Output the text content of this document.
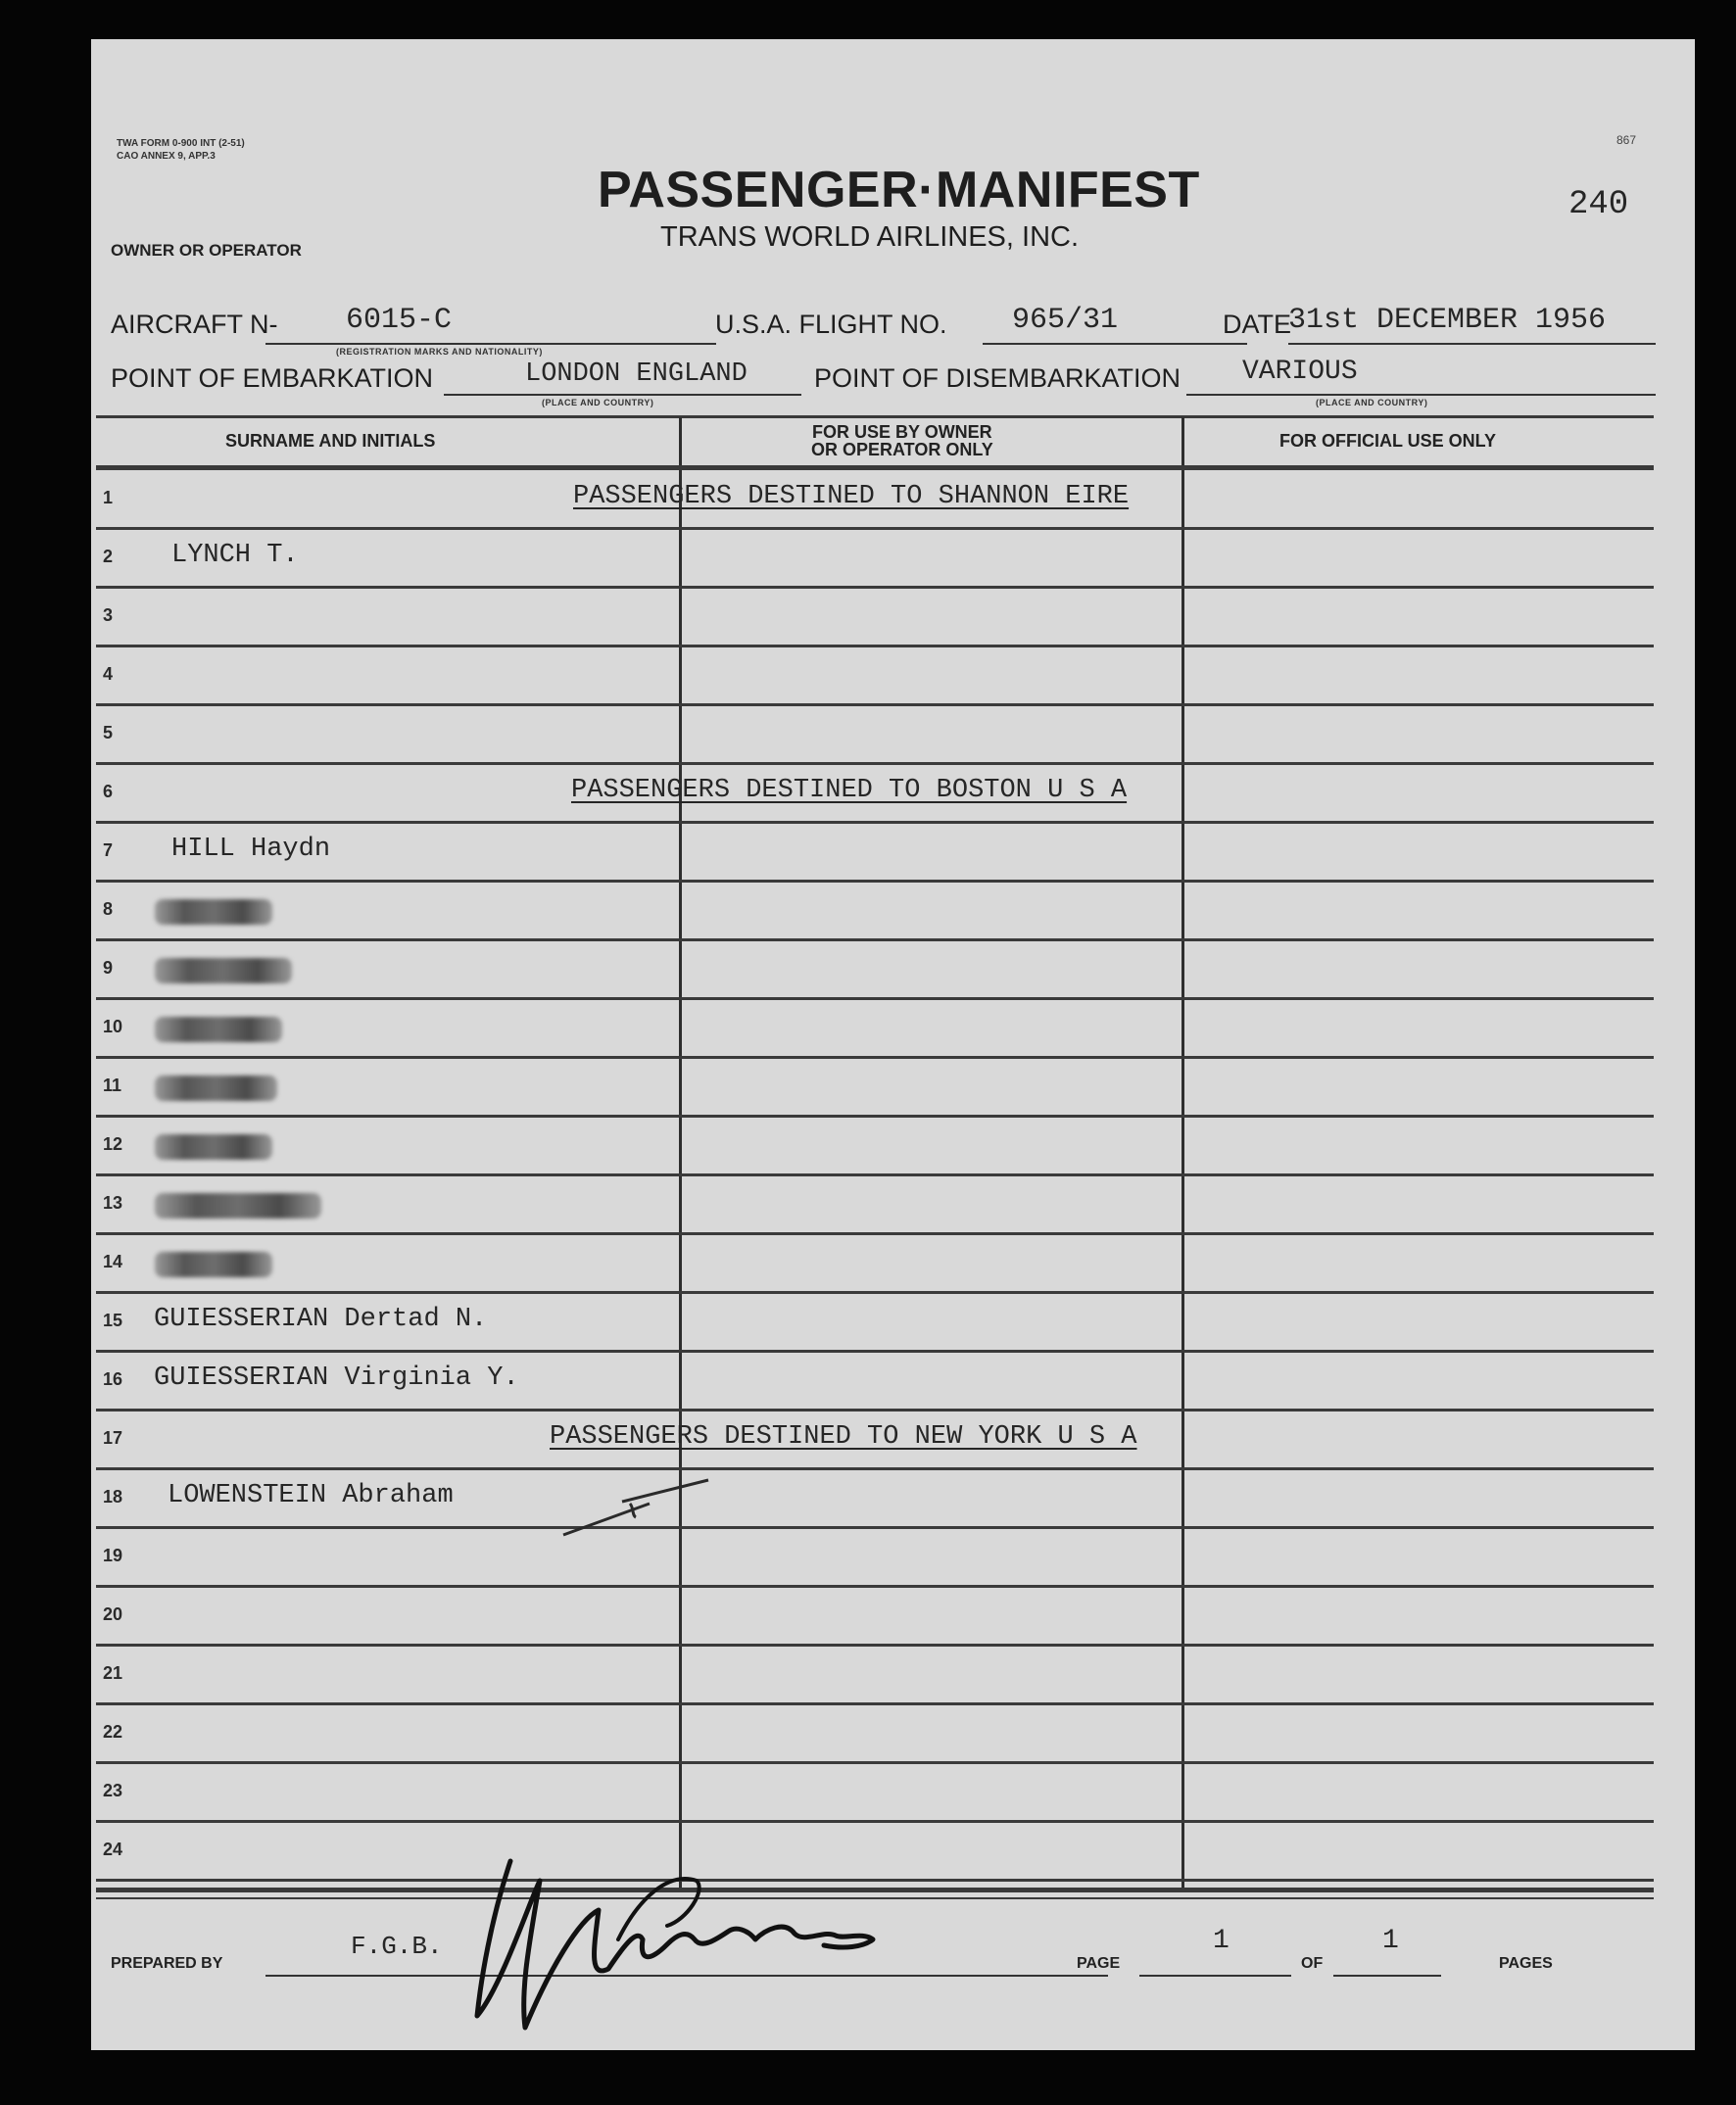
TWA FORM 0-900 INT (2-51)
CAO ANNEX 9, APP.3
867
240
PASSENGER·MANIFEST
TRANS WORLD AIRLINES, INC.
OWNER OR OPERATOR
AIRCRAFT N- 6015-C
(REGISTRATION MARKS AND NATIONALITY)
U.S.A. FLIGHT NO. 965/31	DATE
31st DECEMBER 1956
POINT OF EMBARKATION	LONDON ENGLAND
(PLACE AND COUNTRY)
POINT OF DISEMBARKATION VARIOUS
(PLACE AND COUNTRY)
SURNAME AND INITIALS	FOR USE BY OWNER
OR OPERATOR ONLY	FOR OFFICIAL USE ONLY
1	PASSENGERS DESTINED TO SHANNON EIRE
2	LYNCH T.
3
4
5
6	PASSENGERS DESTINED TO BOSTON U S A
7	HILL Haydn
8
9
10
11
12
13
14
15	GUIESSERIAN Dertad N.
16	GUIESSERIAN Virginia Y.
17	PASSENGERS DESTINED TO NEW YORK U S A
18	LOWENSTEIN Abraham
19
20
21
22
23
24
PREPARED BY
F.G.B.
PAGE
1
OF
1
PAGES
